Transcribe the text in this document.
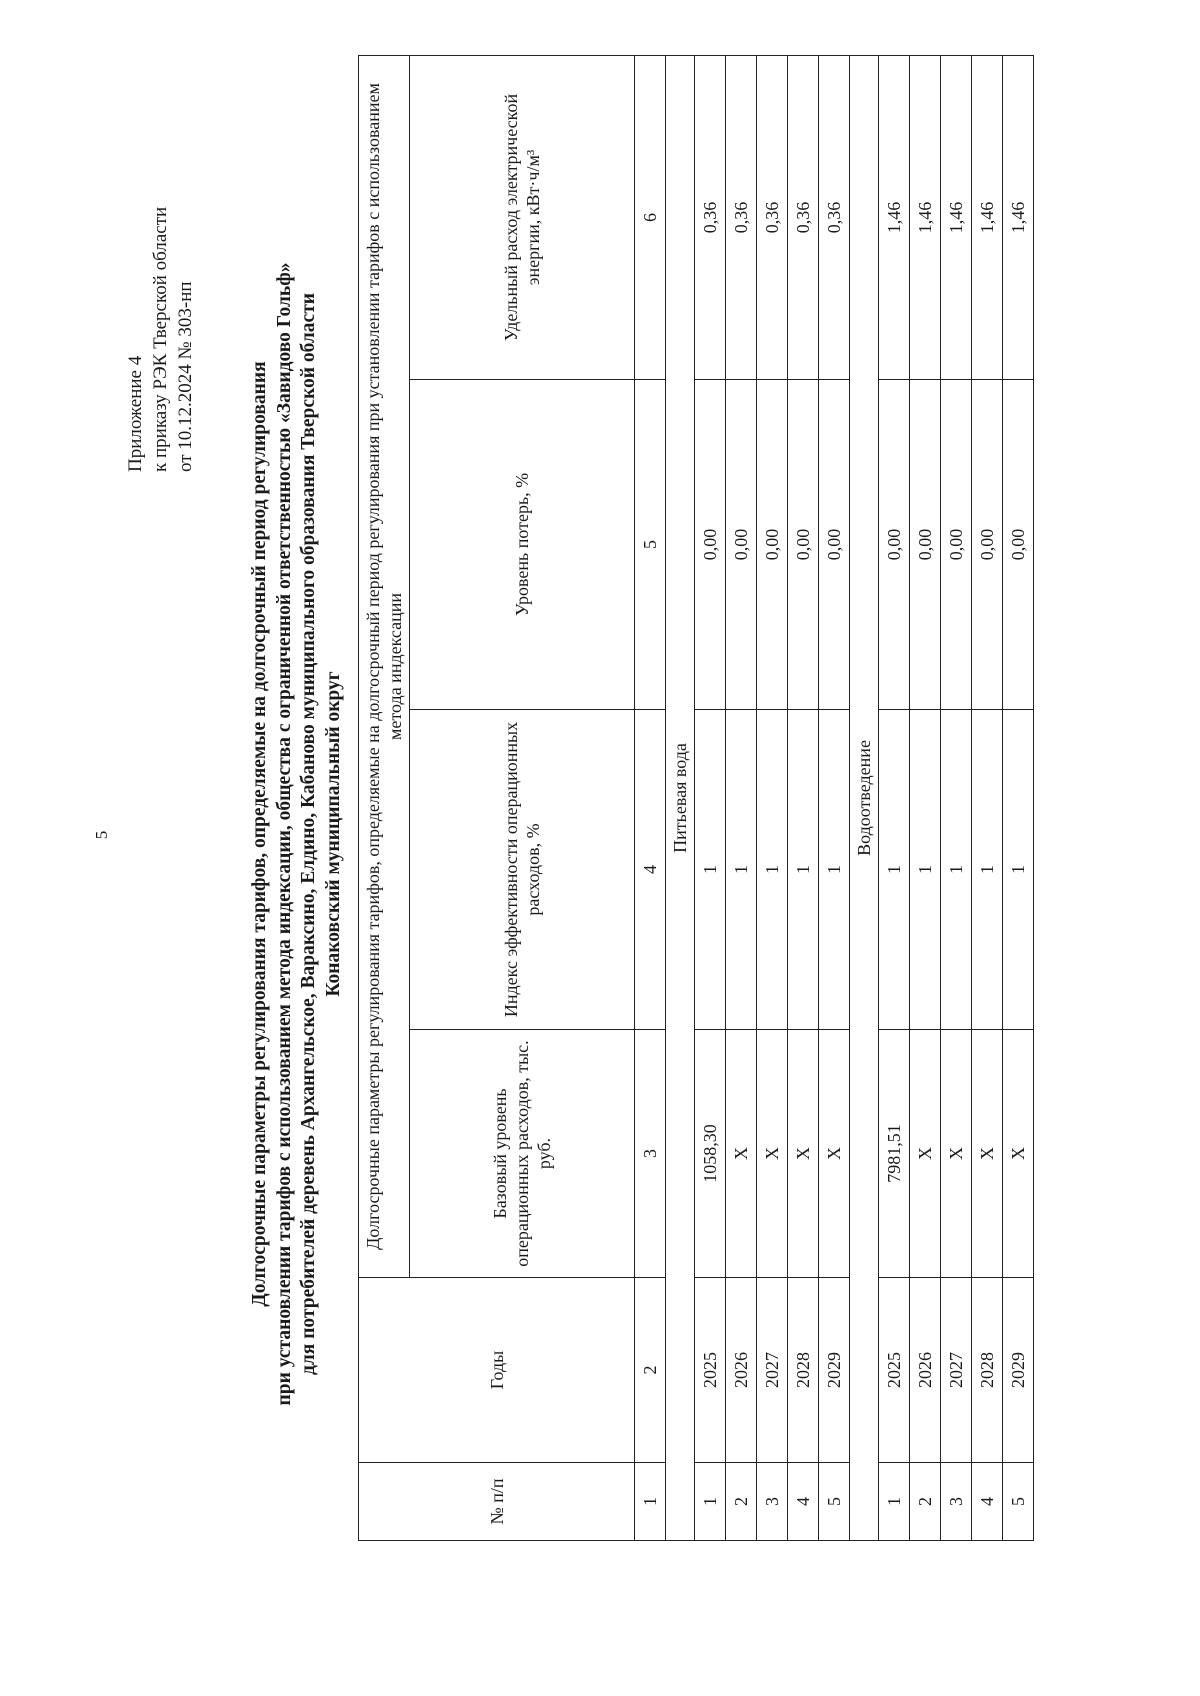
5
Приложение 4 к приказу РЭК Тверской области от 10.12.2024 № 303-нп	Долгосрочные параметры регулирования тарифов, определяемые на долгосрочный период регулирования при установлении тарифов с использованием метода индексации, общества с ограниченной ответственностью «Завидово Гольф» для потребителей деревень Архангельское, Вараксино, Елдино, Кабаново муниципального образования Тверской области Конаковский муниципальный округ
№ п/п	Годы	Долгосрочные параметры регулирования тарифов, определяемые на долгосрочный период регулирования при установлении тарифов с использованием метода индексации			
		Базовый уровень операционных расходов, тыс. руб.	Индекс эффективности операционных расходов, %	Уровень потерь, %	Удельный расход электрической энергии, кВт·ч/м³
1	2	3	4	5	6
Питьевая вода					
1	2025	1058,30	1	0,00	0,36
2	2026	X	1	0,00	0,36
3	2027	X	1	0,00	0,36
4	2028	X	1	0,00	0,36
5	2029	X	1	0,00	0,36
Водоотведение					
1	2025	7981,51	1	0,00	1,46
2	2026	X	1	0,00	1,46
3	2027	X	1	0,00	1,46
4	2028	X	1	0,00	1,46
5	2029	X	1	0,00	1,46
